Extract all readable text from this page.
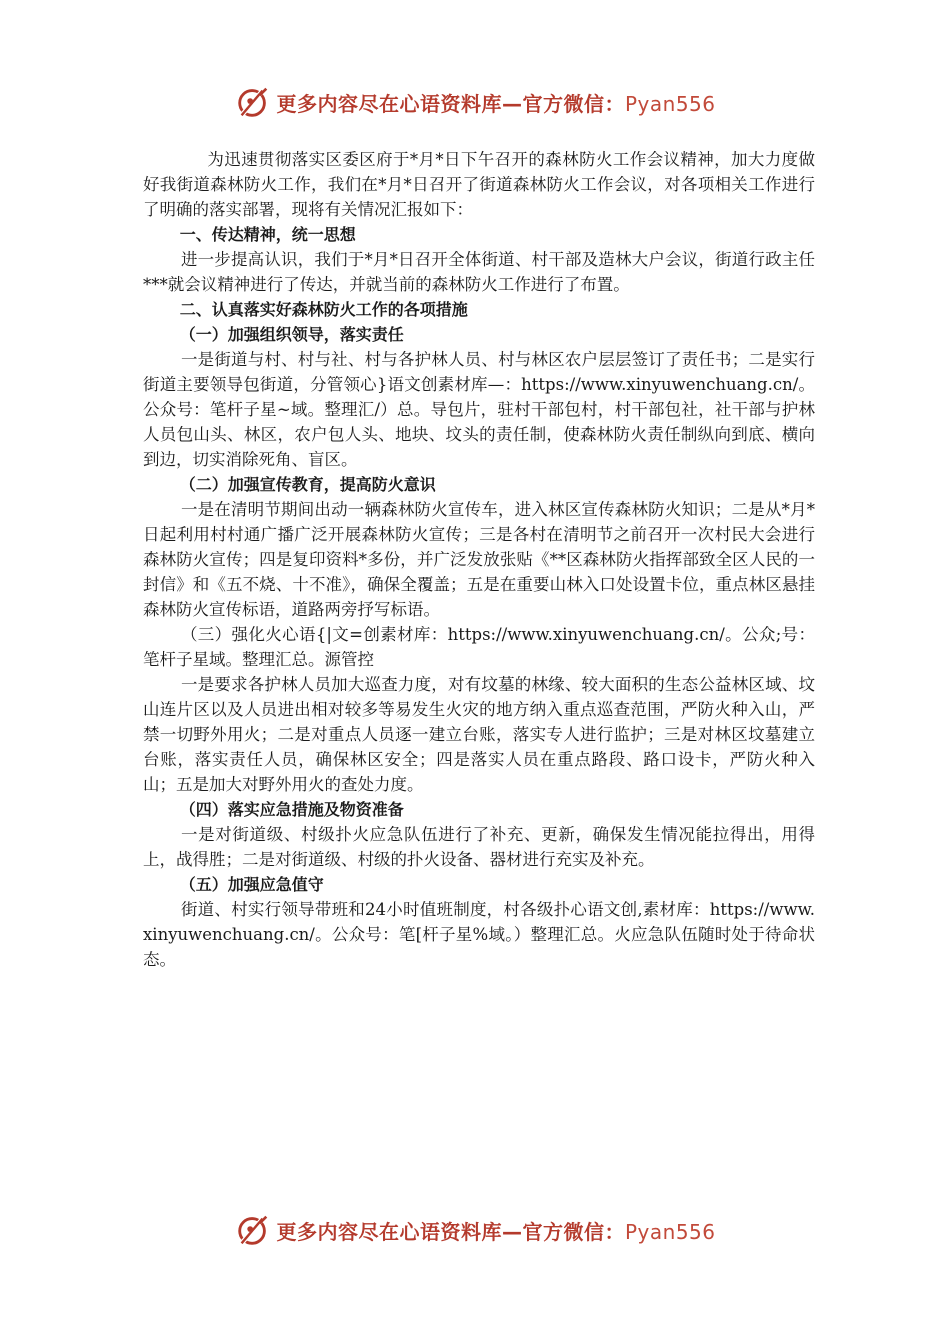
更多内容尽在心语资料库—官方微信：Pyan556

为迅速贯彻落实区委区府于*月*日下午召开的森林防火工作会议精神，加大力度做好我街道森林防火工作，我们在*月*日召开了街道森林防火工作会议，对各项相关工作进行了明确的落实部署，现将有关情况汇报如下：

一、传达精神，统一思想

进一步提高认识，我们于*月*日召开全体街道、村干部及造林大户会议，街道行政主任***就会议精神进行了传达，并就当前的森林防火工作进行了布置。

二、认真落实好森林防火工作的各项措施

（一）加强组织领导，落实责任

一是街道与村、村与社、村与各护林人员、村与林区农户层层签订了责任书；二是实行街道主要领导包街道，分管领心}语文创素材库—：https://www.xinyuwenchuang.cn/。公众号：笔杆子星~域。整理汇/）总。导包片，驻村干部包村，村干部包社，社干部与护林人员包山头、林区，农户包人头、地块、坟头的责任制，使森林防火责任制纵向到底、横向到边，切实消除死角、盲区。

（二）加强宣传教育，提高防火意识

一是在清明节期间出动一辆森林防火宣传车，进入林区宣传森林防火知识；二是从*月*日起利用村村通广播广泛开展森林防火宣传；三是各村在清明节之前召开一次村民大会进行森林防火宣传；四是复印资料*多份，并广泛发放张贴《**区森林防火指挥部致全区人民的一封信》和《五不烧、十不准》，确保全覆盖；五是在重要山林入口处设置卡位，重点林区悬挂森林防火宣传标语，道路两旁抒写标语。

（三）强化火心语{|文=创素材库：https://www.xinyuwenchuang.cn/。公众;号：笔杆子星域。整理汇总。源管控

一是要求各护林人员加大巡查力度，对有坟墓的林缘、较大面积的生态公益林区域、坟山连片区以及人员进出相对较多等易发生火灾的地方纳入重点巡查范围，严防火种入山，严禁一切野外用火；二是对重点人员逐一建立台账，落实专人进行监护；三是对林区坟墓建立台账，落实责任人员，确保林区安全；四是落实人员在重点路段、路口设卡，严防火种入山；五是加大对野外用火的查处力度。

（四）落实应急措施及物资准备

一是对街道级、村级扑火应急队伍进行了补充、更新，确保发生情况能拉得出，用得上，战得胜；二是对街道级、村级的扑火设备、器材进行充实及补充。

（五）加强应急值守

街道、村实行领导带班和24小时值班制度，村各级扑心语文创,素材库：https://www.xinyuwenchuang.cn/。公众号：笔[杆子星%域。）整理汇总。火应急队伍随时处于待命状态。

更多内容尽在心语资料库—官方微信：Pyan556
